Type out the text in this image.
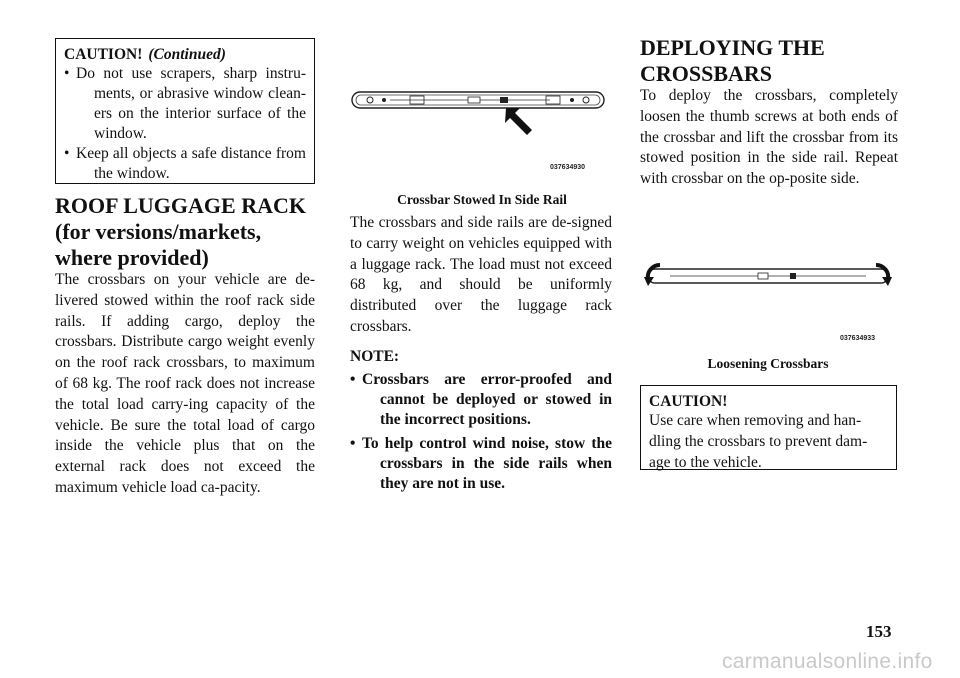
CAUTION! (Continued)
• Do not use scrapers, sharp instru-ments, or abrasive window clean-ers on the interior surface of the window.
• Keep all objects a safe distance from the window.
ROOF LUGGAGE RACK
(for versions/markets,
where provided)

The crossbars on your vehicle are de-livered stowed within the roof rack side rails. If adding cargo, deploy the crossbars. Distribute cargo weight evenly on the roof rack crossbars, to maximum of 68 kg. The roof rack does not increase the total load carry-ing capacity of the vehicle. Be sure the total load of cargo inside the vehicle plus that on the external rack does not exceed the maximum vehicle load ca-pacity.

037634930
Crossbar Stowed In Side Rail

The crossbars and side rails are de-signed to carry weight on vehicles equipped with a luggage rack. The load must not exceed 68 kg, and should be uniformly distributed over the luggage rack crossbars.

NOTE:
• Crossbars are error-proofed and cannot be deployed or stowed in the incorrect positions.
• To help control wind noise, stow the crossbars in the side rails when they are not in use.
DEPLOYING THE
CROSSBARS

To deploy the crossbars, completely loosen the thumb screws at both ends of the crossbar and lift the crossbar from its stowed position in the side rail. Repeat with crossbar on the op-posite side.

037634933
Loosening Crossbars
CAUTION!

Use care when removing and han-dling the crossbars to prevent dam-age to the vehicle.

153
carmanualsonline.info
